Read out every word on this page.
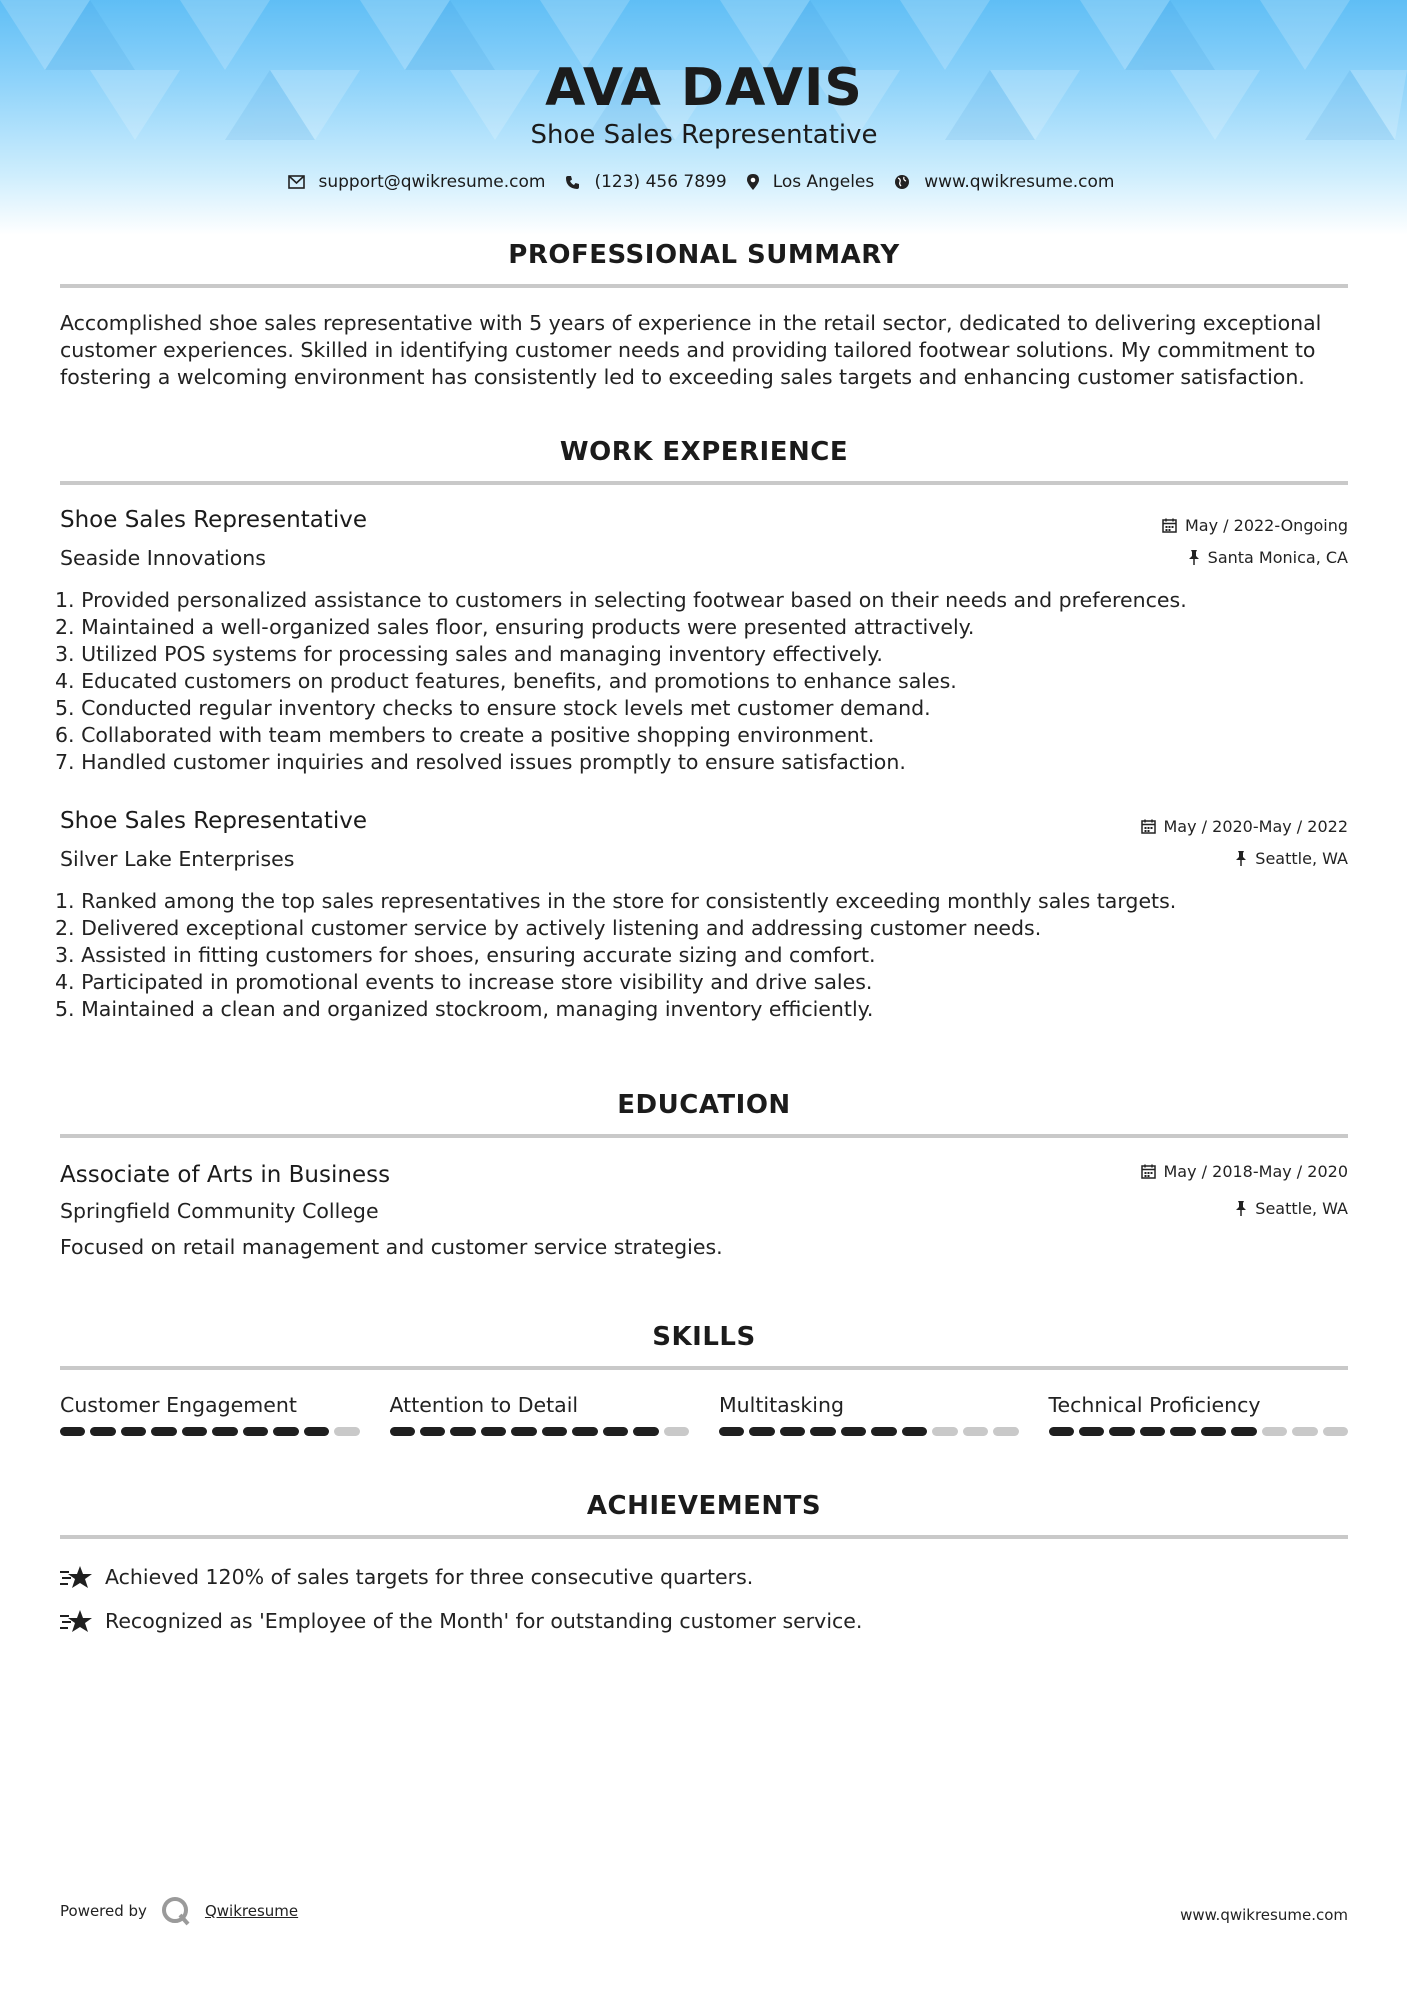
AVA DAVIS
Shoe Sales Representative
support@qwikresume.com	(123) 456 7899	Los Angeles	www.qwikresume.com
PROFESSIONAL SUMMARY
Accomplished shoe sales representative with 5 years of experience in the retail sector, dedicated to delivering exceptional customer experiences. Skilled in identifying customer needs and providing tailored footwear solutions. My commitment to fostering a welcoming environment has consistently led to exceeding sales targets and enhancing customer satisfaction.
WORK EXPERIENCE
Shoe Sales Representative	May / 2022-Ongoing
Seaside Innovations	Santa Monica, CA
1. Provided personalized assistance to customers in selecting footwear based on their needs and preferences.
2. Maintained a well-organized sales floor, ensuring products were presented attractively.
3. Utilized POS systems for processing sales and managing inventory effectively.
4. Educated customers on product features, benefits, and promotions to enhance sales.
5. Conducted regular inventory checks to ensure stock levels met customer demand.
6. Collaborated with team members to create a positive shopping environment.
7. Handled customer inquiries and resolved issues promptly to ensure satisfaction.
Shoe Sales Representative	May / 2020-May / 2022
Silver Lake Enterprises	Seattle, WA
1. Ranked among the top sales representatives in the store for consistently exceeding monthly sales targets.
2. Delivered exceptional customer service by actively listening and addressing customer needs.
3. Assisted in fitting customers for shoes, ensuring accurate sizing and comfort.
4. Participated in promotional events to increase store visibility and drive sales.
5. Maintained a clean and organized stockroom, managing inventory efficiently.
EDUCATION
Associate of Arts in Business	May / 2018-May / 2020
Springfield Community College	Seattle, WA
Focused on retail management and customer service strategies.
SKILLS
Customer Engagement	Attention to Detail	Multitasking	Technical Proficiency
ACHIEVEMENTS
Achieved 120% of sales targets for three consecutive quarters.
Recognized as 'Employee of the Month' for outstanding customer service.
Powered by	Qwikresume	www.qwikresume.com
